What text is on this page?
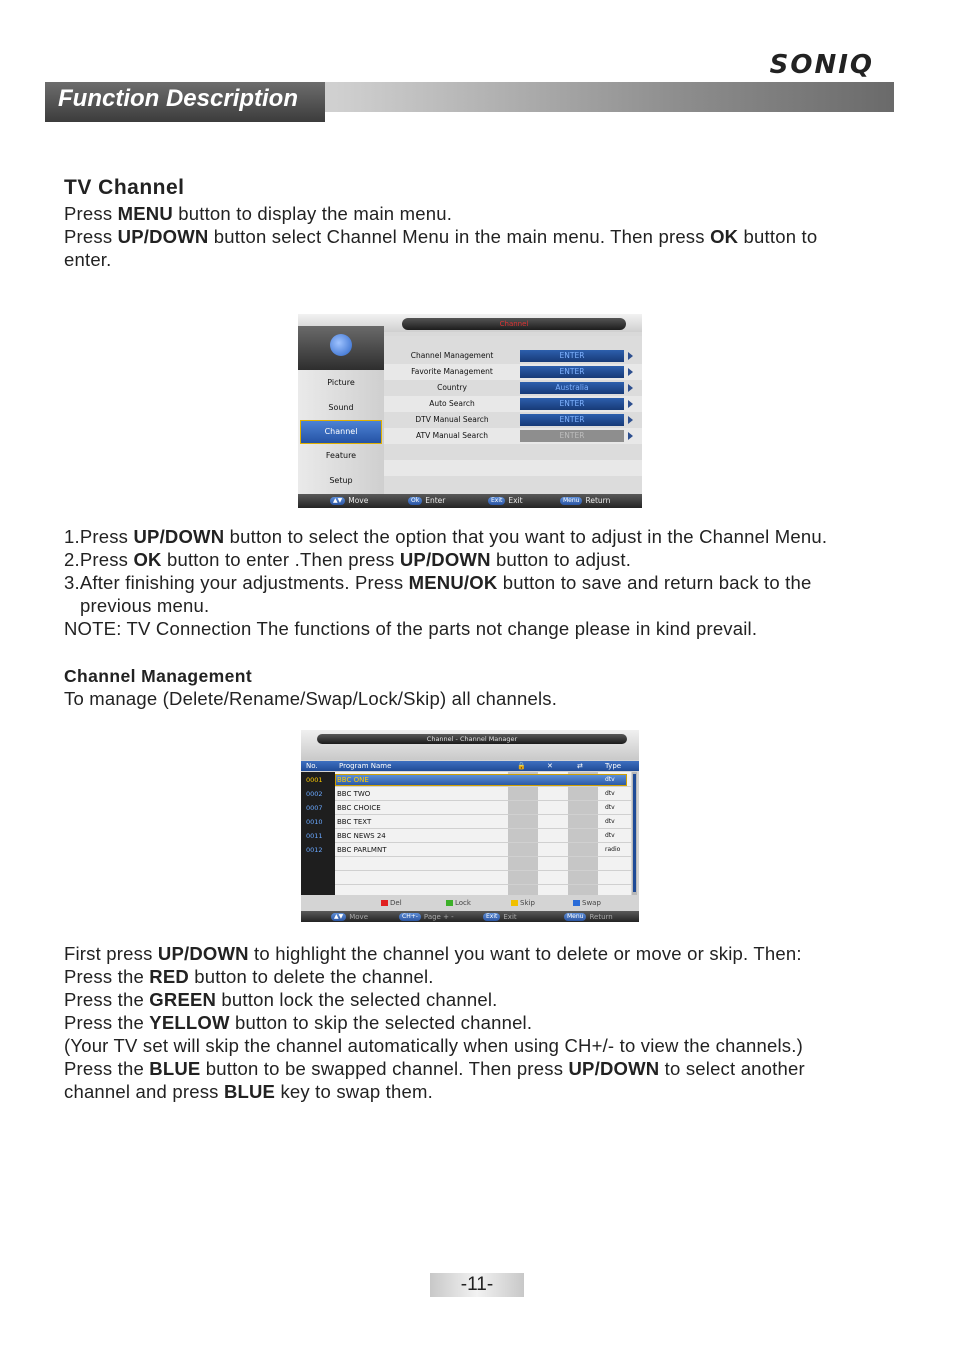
SONIQ
Function Description
TV Channel
Press MENU button to display the main menu.
Press UP/DOWN button select Channel Menu in the main menu. Then press OK button to
enter.
Channel
Picture
Sound
Channel
Feature
Setup
Channel Management	ENTER
Favorite Management	ENTER
Country	Australia
Auto Search	ENTER
DTV Manual Search	ENTER
ATV Manual Search	ENTER
▲▼ Move	Ok Enter	Exit Exit	Menu Return
1.Press UP/DOWN button to select the option that you want to adjust in the Channel Menu.
2.Press OK button to enter .Then press UP/DOWN button to adjust.
3.After finishing your adjustments. Press MENU/OK button to save and return back to the
previous menu.
NOTE: TV Connection The functions of the parts not change please in kind prevail.
Channel Management
To manage (Delete/Rename/Swap/Lock/Skip) all channels.
Channel - Channel Manager
No.	Program Name	🔒	✕	⇄	Type
0001 BBC ONE	dtv
0002 BBC TWO	dtv
0007 BBC CHOICE	dtv
0010 BBC TEXT	dtv
0011 BBC NEWS 24	dtv
0012 BBC PARLMNT	radio
Del	Lock	Skip	Swap
▲▼ Move	CH+- Page + -	Exit Exit	Menu Return
First press UP/DOWN to highlight the channel you want to delete or move or skip. Then:
Press the RED button to delete the channel.
Press the GREEN button lock the selected channel.
Press the YELLOW button to skip the selected channel.
(Your TV set will skip the channel automatically when using CH+/- to view the channels.)
Press the BLUE button to be swapped channel. Then press UP/DOWN to select another
channel and press BLUE key to swap them.
-11-
